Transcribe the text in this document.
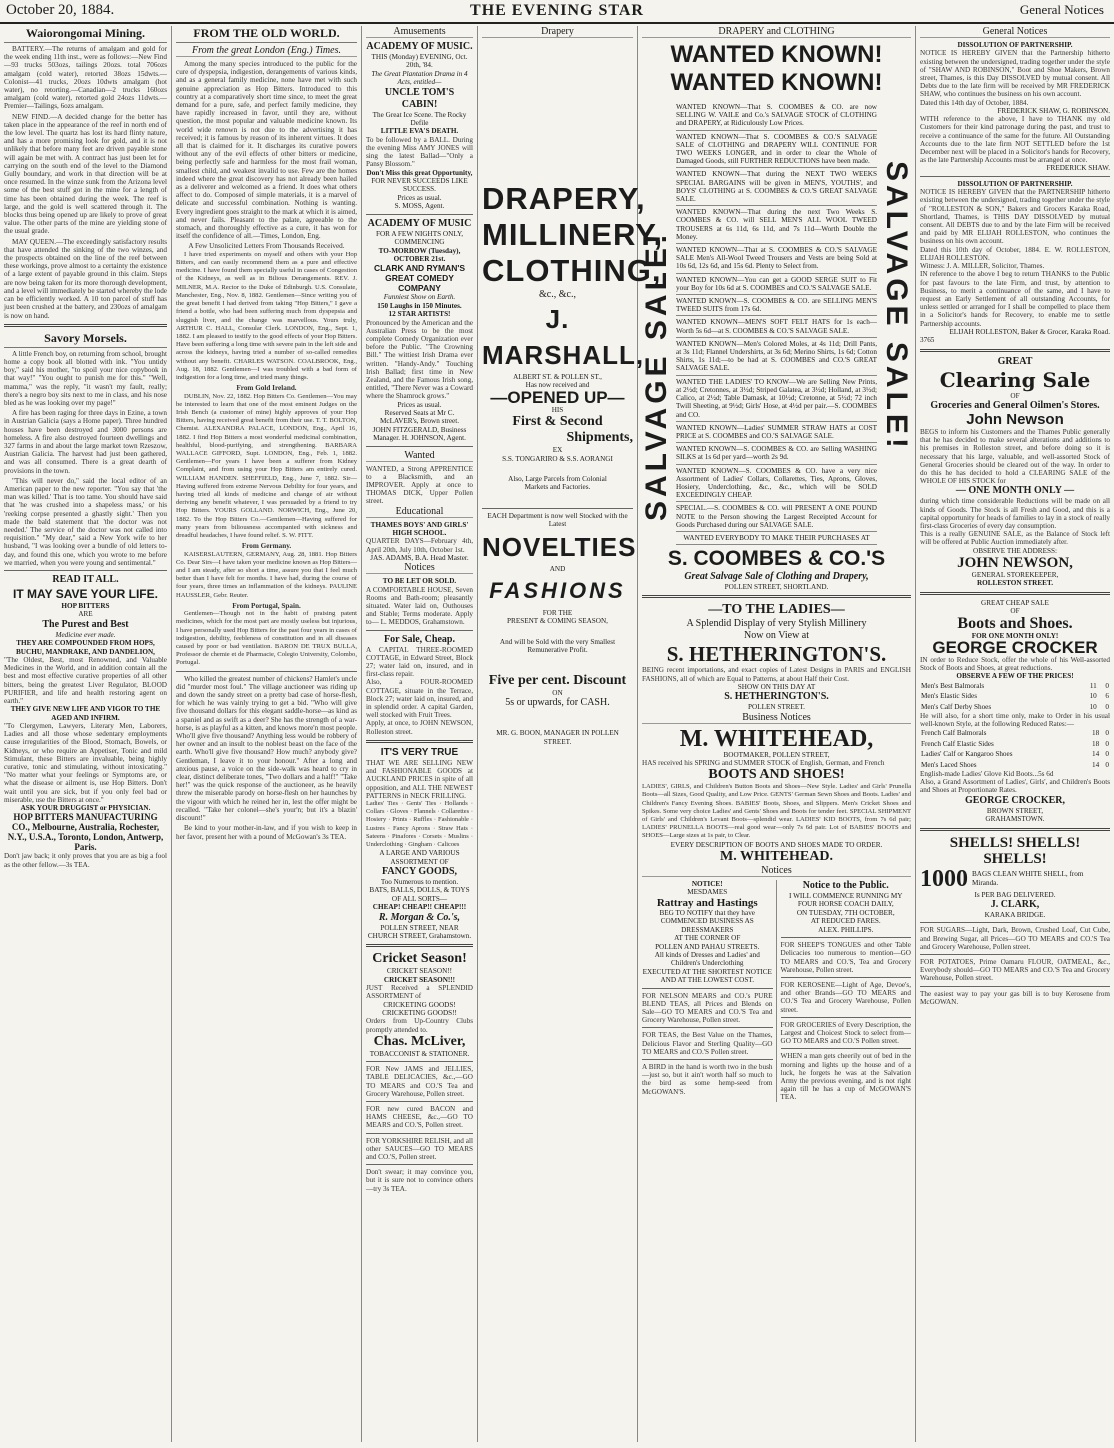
October 20, 1884.	THE EVENING STAR	General Notices
Waiorongomai Mining.

BATTERY.—The returns of amalgam and gold for the week ending 11th inst., were as follows:—New Find—93 trucks 503ozs, tailings 20ozs. total 706ozs amalgam (cold water), retorted 38ozs 15dwts.—Colonist—41 trucks, 20ozs 10dwts amalgam (hot water), no retorting.—Canadian—2 trucks 160ozs amalgam (cold water), retorted gold 24ozs 11dwts.—Premier—Tailings, 6ozs amalgam.

NEW FIND.—A decided change for the better has taken place in the appearance of the reef in north end of the low level. The quartz has lost its hard flinty nature, and has a more promising look for gold, and it is not unlikely that before many feet are driven payable stone will again be met with. A contract has just been let for carrying on the south end of the level to the Diamond Gully boundary, and work in that direction will be at once resumed. In the winze sunk from the Arizona level some of the best stuff got in the mine for a length of time has been obtained during the week. The reef is large, and the gold is well scattered through it. The blocks thus being opened up are likely to prove of great value. The other parts of the mine are yielding stone of the usual grade.

MAY QUEEN.—The exceedingly satisfactory results that have attended the sinking of the two winzes, and the prospects obtained on the line of the reef between these workings, prove almost to a certainty the existence of a large extent of payable ground in this claim. Steps are now being taken for its more thorough development, and a level will immediately be started whereby the lode can be efficiently worked. A 10 ton parcel of stuff has just been crushed at the battery, and 230ozs of amalgam is now on hand.

Savory Morsels.

A little French boy, on returning from school, brought home a copy book all blotted with ink. "You untidy boy," said his mother, "to spoil your nice copybook in that way!" "You ought to punish me for this." "Well, mamma," was the reply, "it wasn't my fault, really; there's a negro boy sits next to me in class, and his nose bled as he was looking over my page!"

A fire has been raging for three days in Ezine, a town in Austrian Galicia (says a Home paper). Three hundred houses have been destroyed and 3000 persons are homeless. A fire also destroyed fourteen dwellings and 327 farms in and about the large market town Rzeszow, Austrian Galicia. The harvest had just been gathered, and was all consumed. There is a great dearth of provisions in the town.

"This will never do," said the local editor of an American paper to the new reporter. "You say that 'the man was killed.' That is too tame. You should have said that 'he was crushed into a shapeless mass,' or his 'reeking corpse presented a ghastly sight.' Then you made the bald statement that 'the doctor was not needed.' The service of the doctor was not called into requisition." "My dear," said a New York wife to her husband, "I was looking over a bundle of old letters to-day, and found this one, which you wrote to me before we married, when you were young and sentimental."

READ IT ALL.
IT MAY SAVE YOUR LIFE.
HOP BITTERS
ARE
The Purest and Best
Medicine ever made.
THEY ARE COMPOUNDED FROM HOPS, BUCHU, MANDRAKE, AND DANDELION,
"The Oldest, Best, most Renowned, and Valuable Medicines in the World, and in addition contain all the best and most effective curative properties of all other bitters, being the greatest Liver Regulator, BLOOD PURIFIER, and life and health restoring agent on earth."
THEY GIVE NEW LIFE AND VIGOR TO THE AGED AND INFIRM.
"To Clergymen, Lawyers, Literary Men, Laborers, Ladies and all those whose sedentary employments cause irregularities of the Blood, Stomach, Bowels, or Kidneys, or who require an Appetiser, Tonic and mild Stimulant, these Bitters are invaluable, being highly curative, tonic and stimulating, without intoxicating." "No matter what your feelings or Symptoms are, or what the disease or ailment is, use Hop Bitters. Don't wait until you are sick, but if you only feel bad or miserable, use the Bitters at once."
ASK YOUR DRUGGIST or PHYSICIAN.
HOP BITTERS MANUFACTURING CO., Melbourne, Australia, Rochester, N.Y., U.S.A., Toronto, London, Antwerp, Paris.
Don't jaw back; it only proves that you are as big a fool as the other fellow.—3s TEA.
FROM THE OLD WORLD.
From the great London (Eng.) Times.

Among the many species introduced to the public for the cure of dyspepsia, indigestion, derangements of various kinds, and as a general family medicine, none have met with such genuine appreciation as Hop Bitters. Introduced to this country at a comparatively short time since, to meet the great demand for a pure, safe, and perfect family medicine, they have rapidly increased in favor, until they are, without question, the most popular and valuable medicine known. Its world wide renown is not due to the advertising it has received; it is famous by reason of its inherent virtues. It does all that is claimed for it. It discharges its curative powers without any of the evil effects of other bitters or medicine, being perfectly safe and harmless for the most frail woman, smallest child, and weakest invalid to use. Few are the homes indeed where the great discovery has not already been hailed as a deliverer and welcomed as a friend. It does what others affect to do. Composed of simple materials, it is a marvel of delicate and successful combination. Nothing is wanting. Every ingredient goes straight to the mark at which it is aimed, and never fails. Pleasant to the palate, agreeable to the stomach, and thoroughly effective as a cure, it has won for itself the confidence of all.—Times, London, Eng.

A Few Unsolicited Letters From Thousands Received.

I have tried experiments on myself and others with your Hop Bitters, and can easily recommend them as a pure and effective medicine. I have found them specially useful in cases of Congestion of the Kidneys, as well as in Bilious Derangements. REV. J. MILNER, M.A. Rector to the Duke of Edinburgh. U.S. Consulate, Manchester, Eng., Nov. 8, 1882. Gentlemen—Since writing you of the great benefit I had derived from taking "Hop Bitters," I gave a friend a bottle, who had been suffering much from dyspepsia and sluggish liver, and the change was marvellous. Yours truly, ARTHUR C. HALL, Consular Clerk. LONDON, Eng., Sept. 1, 1882. I am pleased to testify to the good effects of your Hop Bitters. Have been suffering a long time with severe pain in the left side and across the kidneys, having tried a number of so-called remedies without any benefit. CHARLES WATSON. COALBROOK, Eng., Aug. 18, 1882. Gentlemen—I was troubled with a bad form of indigestion for a long time, and tried many things.

From Gold Ireland.

DUBLIN, Nov. 22, 1882. Hop Bitters Co. Gentlemen—You may be interested to learn that one of the most eminent Judges on the Irish Bench (a customer of mine) highly approves of your Hop Bitters, having received great benefit from their use. T. T. BOLTON, Chemist. ALEXANDRA PALACE, LONDON, Eng., April 16, 1882. I find Hop Bitters a most wonderful medicinal combination, healthful, blood-purifying, and strengthening. BARBARA WALLACE GIFFORD, Supt. LONDON, Eng., Feb. 1, 1882. Gentlemen—For years I have been a sufferer from Kidney Complaint, and from using your Hop Bitters am entirely cured. WILLIAM HANDEN. SHEFFIELD, Eng., June 7, 1882. Sir—Having suffered from extreme Nervous Debility for four years, and having tried all kinds of medicine and change of air without deriving any benefit whatever, I was persuaded by a friend to try Hop Bitters. YOURS GOLLAND. NORWICH, Eng., June 20, 1882. To the Hop Bitters Co.—Gentlemen—Having suffered for many years from biliousness accompanied with sickness and dreadful headaches, I have found relief. S. W. FITT.

From Germany.

KAISERSLAUTERN, GERMANY, Aug. 28, 1881. Hop Bitters Co. Dear Sirs—I have taken your medicine known as Hop Bitters—and I am steady, after so short a time, assure you that I feel much better than I have felt for months. I have had, during the course of four years, three times an inflammation of the kidneys. PAULINE HAUSSLER, Gebr. Reuter.

From Portugal, Spain.

Gentlemen—Though not in the habit of praising patent medicines, which for the most part are mostly useless but injurious, I have personally used Hop Bitters for the past four years in cases of indigestion, debility, feebleness of constitution and in all diseases caused by poor or bad ventilation. BARON DE TRUX BULLA, Professor de chemie et de Pharmacie, Colegio University, Colombo, Portugal.

Who killed the greatest number of chickens? Hamlet's uncle did "murder most foul." The village auctioneer was riding up and down the sandy street on a pretty bad case of horse-flesh, for which he was vainly trying to get a bid. "Who will give five thousand dollars for this elegant saddle-horse—as kind as a spaniel and as swift as a deer? She has the strength of a war-horse, is as playful as a kitten, and knows more'n most people. Who'll give five thousand? Anything less would be robbery of her owner and an insult to the noblest beast on the face of the earth. Who'll give five thousand? How much? anybody give? Gentleman, I leave it to your honour." After a long and anxious pause, a voice on the side-walk was heard to cry in clear, distinct deliberate tones, "Two dollars and a half!" "Take her!" was the quick response of the auctioneer, as he heavily threw the miserable parody on horse-flesh on her haunches by the vigour with which he reined her in, lest the offer might be recalled. "Take her colonel—she's your'n; but it's a blazin' discount!"

Be kind to your mother-in-law, and if you wish to keep in her favor, present her with a pound of McGowan's 3s TEA.

Amusements
ACADEMY OF MUSIC.
THIS (Monday) EVENING, Oct. 20th, '84.
The Great Plantation Drama in 4 Acts, entitled—
UNCLE TOM'S CABIN!
The Great Ice Scene. The Rocky Defile
LITTLE EVA'S DEATH.
To be followed by a BALL. During the evening Miss AMY JONES will sing the latest Ballad—"Only a Pansy Blossom."
Don't Miss this great Opportunity,
FOR NEVER SUCCEEDS LIKE SUCCESS.
Prices as usual.
S. MOSS, Agent.
ACADEMY OF MUSIC
FOR A FEW NIGHTS ONLY, COMMENCING
TO-MORROW (Tuesday), OCTOBER 21st.
CLARK AND RYMAN'S GREAT COMEDY COMPANY
Funniest Show on Earth.
150 Laughs in 150 Minutes.
12 STAR ARTISTS!
Pronounced by the American and the Australian Press to be the most complete Comedy Organization ever before the Public. "The Crowning Bill." The wittiest Irish Drama ever written. "Handy-Andy." Touching Irish Ballad; first time in New Zealand, and the Famous Irish song, entitled, "There Never was a Coward where the Shamrock grows."
Prices as usual.
Reserved Seats at Mr C. McLAVER's, Brown street.
JOHN FITZGERALD, Business Manager. H. JOHNSON, Agent.
Wanted
WANTED, a Strong APPRENTICE to a Blacksmith, and an IMPROVER. Apply at once to THOMAS DICK, Upper Pollen street.
Educational
THAMES BOYS' AND GIRLS' HIGH SCHOOL.
QUARTER DAYS—February 4th, April 20th, July 10th, October 1st.
JAS. ADAMS, B.A. Head Master.
Notices
TO BE LET OR SOLD.
A COMFORTABLE HOUSE, Seven Rooms and Bath-room; pleasantly situated. Water laid on, Outhouses and Stable; Terms moderate. Apply to— L. MEDDOS, Grahamstown.
For Sale, Cheap.
A CAPITAL THREE-ROOMED COTTAGE, in Edward Street, Block 27; water laid on, insured, and in first-class repair.
Also, a FOUR-ROOMED COTTAGE, situate in the Terrace, Block 27; water laid on, insured, and in splendid order. A capital Garden, well stocked with Fruit Trees.
Apply, at once, to JOHN NEWSON, Rolleston street.
IT'S VERY TRUE
THAT WE ARE SELLING NEW and FASHIONABLE GOODS at AUCKLAND PRICES in spite of all opposition, and ALL THE NEWEST PATTERNS in NECK FRILLING.
Ladies' Ties · Gents' Ties · Hollands · Collars · Gloves · Flannels · Collarettes · Hosiery · Prints · Ruffles · Fashionable · Lustres · Fancy Aprons · Straw Hats · Sateens · Pinafores · Corsets · Muslins · Underclothing · Gingham · Calicoes
A LARGE AND VARIOUS ASSORTMENT OF
FANCY GOODS,
Too Numerous to mention.
BATS, BALLS, DOLLS, & TOYS OF ALL SORTS—
CHEAP! CHEAP!! CHEAP!!!
R. Morgan & Co.'s,
POLLEN STREET, NEAR CHURCH STREET, Grahamstown.
Cricket Season!
CRICKET SEASON!!
CRICKET SEASON!!!
JUST Received a SPLENDID ASSORTMENT of
CRICKETING GOODS!
CRICKETING GOODS!!
Orders from Up-Country Clubs promptly attended to.
Chas. McLiver,
TOBACCONIST & STATIONER.
FOR New JAMS and JELLIES, TABLE DELICACIES, &c.,—GO TO MEARS and CO.'S Tea and Grocery Warehouse, Pollen street.
FOR new cured BACON and HAMS CHEESE, &c.,—GO TO MEARS and CO.'S, Pollen street.
FOR YORKSHIRE RELISH, and all other SAUCES—GO TO MEARS and CO.'S, Pollen street.
Don't swear; it may convince you, but it is sure not to convince others—try 3s TEA.
Drapery
DRAPERY,
MILLINERY,
CLOTHING,
&c., &c.,
J. MARSHALL,
ALBERT ST. & POLLEN ST.,
Has now received and
—OPENED UP—
HIS
First & Second
Shipments,
EX
S.S. TONGARIRO & S.S. AORANGI
Also, Large Parcels from Colonial
Markets and Factories.
EACH Department is now well Stocked with the Latest
NOVELTIES
AND
FASHIONS
FOR THE
PRESENT & COMING SEASON,
And will be Sold with the very Smallest
Remunerative Profit.
Five per cent. Discount
ON
5s or upwards, for CASH.
MR. G. BOON, MANAGER IN POLLEN STREET.
DRAPERY and CLOTHING
WANTED KNOWN!
WANTED KNOWN!
SALVAGE SALE!	SALVAGE SALE!
WANTED KNOWN—That S. COOMBES & CO. are now SELLING W. VAILE and Co.'s SALVAGE STOCK of CLOTHING and DRAPERY, at Ridiculously Low Prices.
WANTED KNOWN—That S. COOMBES & CO.'S SALVAGE SALE of CLOTHING and DRAPERY WILL CONTINUE FOR TWO WEEKS LONGER, and in order to clear the Whole of Damaged Goods, still FURTHER REDUCTIONS have been made.
WANTED KNOWN—That during the NEXT TWO WEEKS SPECIAL BARGAINS will be given in MEN'S, YOUTHS', and BOYS' CLOTHING at S. COOMBES & CO.'S GREAT SALVAGE SALE.
WANTED KNOWN—That during the next Two Weeks S. COOMBES & CO. will SELL MEN'S ALL WOOL TWEED TROUSERS at 6s 11d, 6s 11d, and 7s 11d—Worth Double the Money.
WANTED KNOWN—That at S. COOMBES & CO.'S SALVAGE SALE Men's All-Wool Tweed Trousers and Vests are being Sold at 10s 6d, 12s 6d, and 15s 6d. Plenty to Select from.
WANTED KNOWN—You can get a GOOD SERGE SUIT to Fit your Boy for 10s 6d at S. COOMBES and CO.'S SALVAGE SALE.
WANTED KNOWN—S. COOMBES & CO. are SELLING MEN'S TWEED SUITS from 17s 6d.
WANTED KNOWN—MEN'S SOFT FELT HATS for 1s each—Worth 5s 6d—at S. COOMBES & CO.'S SALVAGE SALE.
WANTED KNOWN—Men's Colored Moles, at 4s 11d; Drill Pants, at 3s 11d; Flannel Undershirts, at 3s 6d; Merino Shirts, 1s 6d; Cotton Shirts, 1s 11d;—to be had at S. COOMBES and CO.'S GREAT SALVAGE SALE.
WANTED THE LADIES' TO KNOW—We are Selling New Prints, at 2½d; Cretonnes, at 3½d; Striped Galatea, at 3½d; Holland, at 3½d; Calico, at 2½d; Table Damask, at 10½d; Cretonne, at 5½d; 72 inch Twill Sheeting, at 9½d; Girls' Hose, at 4½d per pair.—S. COOMBES and CO.
WANTED KNOWN—Ladies' SUMMER STRAW HATS at COST PRICE at S. COOMBES and CO.'S SALVAGE SALE.
WANTED KNOWN—S. COOMBES & CO. are Selling WASHING SILKS at 1s 6d per yard—worth 2s 9d.
WANTED KNOWN—S. COOMBES & CO. have a very nice Assortment of Ladies' Collars, Collarettes, Ties, Aprons, Gloves, Hosiery, Underclothing, &c., &c., which will be SOLD EXCEEDINGLY CHEAP.
SPECIAL.—S. COOMBES & CO. will PRESENT A ONE POUND NOTE to the Person showing the Largest Receipted Account for Goods Purchased during our SALVAGE SALE.
WANTED EVERYBODY TO MAKE THEIR PURCHASES AT
S. COOMBES & CO.'S
Great Salvage Sale of Clothing and Drapery,
POLLEN STREET, SHORTLAND.
—TO THE LADIES—
A Splendid Display of very Stylish Millinery
Now on View at
S. HETHERINGTON'S.
BEING recent importations, and exact copies of Latest Designs in PARIS and ENGLISH FASHIONS, all of which are Equal to Patterns, at about Half their Cost.
SHOW ON THIS DAY AT
S. HETHERINGTON'S.
POLLEN STREET.
Business Notices
M. WHITEHEAD,
BOOTMAKER, POLLEN STREET,
HAS received his SPRING and SUMMER STOCK of English, German, and French
BOOTS AND SHOES!
LADIES', GIRLS, and Children's Button Boots and Shoes—New Style. Ladies' and Girls' Prunella Boots—all Sizes, Good Quality, and Low Price. GENTS' German Sewn Shoes and Boots. Ladies' and Children's Fancy Evening Shoes. BABIES' Boots, Shoes, and Slippers. Men's Cricket Shoes and Spikes. Some very choice Ladies' and Gents' Shoes and Boots for tender feet. SPECIAL SHIPMENT of Girls' and Children's Levant Boots—splendid wear. LADIES' KID BOOTS, from 7s 6d pair; LADIES' PRUNELLA BOOTS—real good wear—only 7s 6d pair. Lot of BABIES' BOOTS and SHOES—Large sizes at 1s pair, to Clear.
EVERY DESCRIPTION OF BOOTS AND SHOES MADE TO ORDER.
M. WHITEHEAD.
Notices
NOTICE!
MESDAMES
Rattray and Hastings
BEG TO NOTIFY that they have
COMMENCED BUSINESS AS DRESSMAKERS
AT THE CORNER OF
POLLEN AND PAHAU STREETS.
All kinds of Dresses and Ladies' and Children's Underclothing
EXECUTED AT THE SHORTEST NOTICE
AND AT THE LOWEST COST.
FOR NELSON MEARS and CO.'s PURE BLEND TEAS, all Prices and Blends on Sale—GO TO MEARS and CO.'S Tea and Grocery Warehouse, Pollen street.
FOR TEAS, the Best Value on the Thames, Delicious Flavor and Sterling Quality—GO TO MEARS and CO.'S Pollen street.
A BIRD in the hand is worth two in the bush—just so, but it ain't worth half so much to the bird as some hemp-seed from McGOWAN'S.
Notice to the Public.
I WILL COMMENCE RUNNING MY FOUR HORSE COACH DAILY,
ON TUESDAY, 7TH OCTOBER,
AT REDUCED FARES.
ALEX. PHILLIPS.
FOR SHEEP'S TONGUES and other Table Delicacies too numerous to mention—GO TO MEARS and CO.'S, Tea and Grocery Warehouse, Pollen street.
FOR KEROSENE—Light of Age, Devoe's, and other Brands—GO TO MEARS and CO.'S Tea and Grocery Warehouse, Pollen street.
FOR GROCERIES of Every Description, the Largest and Choicest Stock to select from—GO TO MEARS and CO.'S Pollen street.
WHEN a man gets cheerily out of bed in the morning and lights up the house and of a luck, he forgets he was at the Salvation Army the previous evening, and is not right again till he has a cup of McGOWAN'S TEA.
General Notices
DISSOLUTION OF PARTNERSHIP.
NOTICE IS HEREBY GIVEN that the Partnership hitherto existing between the undersigned, trading together under the style of "SHAW AND ROBINSON," Boot and Shoe Makers, Brown street, Thames, is this Day DISSOLVED by mutual consent. All Debts due to the late firm will be received by MR FREDERICK SHAW, who continues the business on his own account.
Dated this 14th day of October, 1884.
FREDERICK SHAW, G. ROBINSON.
WITH reference to the above, I have to THANK my old Customers for their kind patronage during the past, and trust to receive a continuance of the same for the future. All Outstanding Accounts due to the late firm NOT SETTLED before the 1st December next will be placed in a Solicitor's hands for Recovery, as the late Partnership Accounts must be arranged at once.
FREDERICK SHAW.
DISSOLUTION OF PARTNERSHIP.
NOTICE IS HEREBY GIVEN that the PARTNERSHIP hitherto existing between the undersigned, trading together under the style of "ROLLESTON & SON," Bakers and Grocers Karaka Road, Shortland, Thames, is THIS DAY DISSOLVED by mutual consent. All DEBTS due to and by the late Firm will be received and paid by MR ELIJAH ROLLESTON, who continues the business on his own account.
Dated this 10th day of October, 1884. E. W. ROLLESTON, ELIJAH ROLLESTON.
Witness: J. A. MILLER, Solicitor, Thames.
IN reference to the above I beg to return THANKS to the Public for past favours to the late Firm, and trust, by attention to Business, to merit a continuance of the same, and I have to request an Early Settlement of all outstanding Accounts, for unless settled or arranged for I shall be compelled to place them in a Solicitor's hands for Recovery, to enable me to settle Partnership accounts.
ELIJAH ROLLESTON, Baker & Grocer, Karaka Road.
3765
GREAT
Clearing Sale
OF
Groceries and General Oilmen's Stores.
John Newson
BEGS to inform his Customers and the Thames Public generally that he has decided to make several alterations and additions to his premises in Rolleston street, and before doing so it is necessary that his large, valuable, and well-assorted Stock of General Groceries should be cleared out of the way. In order to do this he has decided to hold a CLEARING SALE of the WHOLE OF HIS STOCK for
— ONE MONTH ONLY —
during which time considerable Reductions will be made on all kinds of Goods. The Stock is all Fresh and Good, and this is a capital opportunity for heads of families to lay in a stock of really first-class Groceries of every day consumption.
This is a really GENUINE SALE, as the Balance of Stock left will be offered at Public Auction immediately after.
OBSERVE THE ADDRESS:
JOHN NEWSON,
GENERAL STOREKEEPER,
ROLLESTON STREET.
GREAT CHEAP SALE
OF
Boots and Shoes.
FOR ONE MONTH ONLY!
GEORGE CROCKER
IN order to Reduce Stock, offer the whole of his Well-assorted Stock of Boots and Shoes, at great reductions.
OBSERVE A FEW OF THE PRICES!
Men's Best Balmorals	11	0
Men's Elastic Sides	10	6
Men's Calf Derby Shoes	10	0
He will also, for a short time only, make to Order in his usual well-known Style, at the following Reduced Rates:—
French Calf Balmorals	18	0
French Calf Elastic Sides	18	0
Ladies' Calf or Kangaroo Shoes	14	0
Men's Laced Shoes	14	0
English-made Ladies' Glove Kid Boots...5s 6d
Also, a Grand Assortment of Ladies', Girls', and Children's Boots and Shoes at Proportionate Rates.
GEORGE CROCKER,
BROWN STREET,
GRAHAMSTOWN.
SHELLS! SHELLS! SHELLS!
1000 BAGS CLEAN WHITE SHELL, from Miranda.
Is PER BAG DELIVERED.
J. CLARK,
KARAKA BRIDGE.
FOR SUGARS—Light, Dark, Brown, Crushed Loaf, Cut Cube, and Brewing Sugar, all Prices—GO TO MEARS and CO.'S Tea and Grocery Warehouse, Pollen street.
FOR POTATOES, Prime Oamaru FLOUR, OATMEAL, &c., Everybody should—GO TO MEARS and CO.'S Tea and Grocery Warehouse, Pollen street.
The easiest way to pay your gas bill is to buy Kerosene from McGOWAN.
